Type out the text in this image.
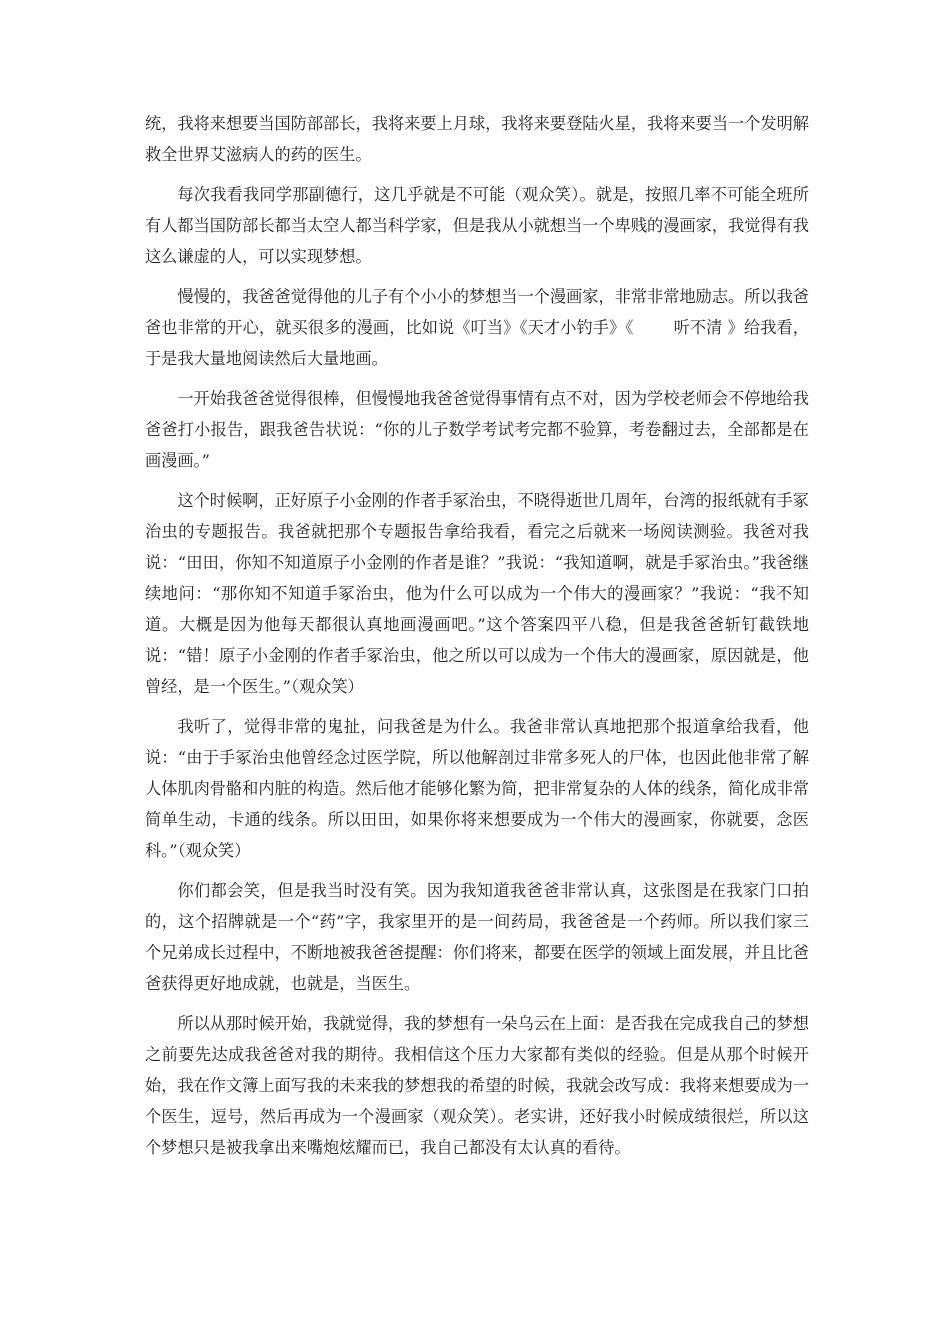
统，我将来想要当国防部部长，我将来要上月球，我将来要登陆火星，我将来要当一个发明解救全世界艾滋病人的药的医生。

每次我看我同学那副德行，这几乎就是不可能（观众笑）。就是，按照几率不可能全班所有人都当国防部长都当太空人都当科学家，但是我从小就想当一个卑贱的漫画家，我觉得有我这么谦虚的人，可以实现梦想。

慢慢的，我爸爸觉得他的儿子有个小小的梦想当一个漫画家，非常非常地励志。所以我爸爸也非常的开心，就买很多的漫画，比如说《叮当》《天才小钓手》《 听不清 》给我看，于是我大量地阅读然后大量地画。

一开始我爸爸觉得很棒，但慢慢地我爸爸觉得事情有点不对，因为学校老师会不停地给我爸爸打小报告，跟我爸告状说：“你的儿子数学考试考完都不验算，考卷翻过去，全部都是在画漫画。”

这个时候啊，正好原子小金刚的作者手冢治虫，不晓得逝世几周年，台湾的报纸就有手冢治虫的专题报告。我爸就把那个专题报告拿给我看，看完之后就来一场阅读测验。我爸对我说：“田田，你知不知道原子小金刚的作者是谁？”我说：“我知道啊，就是手冢治虫。”我爸继续地问：“那你知不知道手冢治虫，他为什么可以成为一个伟大的漫画家？”我说：“我不知道。大概是因为他每天都很认真地画漫画吧。”这个答案四平八稳，但是我爸爸斩钉截铁地说：“错！原子小金刚的作者手冢治虫，他之所以可以成为一个伟大的漫画家，原因就是，他曾经，是一个医生。”（观众笑）

我听了，觉得非常的鬼扯，问我爸是为什么。我爸非常认真地把那个报道拿给我看，他说：“由于手冢治虫他曾经念过医学院，所以他解剖过非常多死人的尸体，也因此他非常了解人体肌肉骨骼和内脏的构造。然后他才能够化繁为简，把非常复杂的人体的线条，简化成非常简单生动，卡通的线条。所以田田，如果你将来想要成为一个伟大的漫画家，你就要，念医科。”（观众笑）

你们都会笑，但是我当时没有笑。因为我知道我爸爸非常认真，这张图是在我家门口拍的，这个招牌就是一个“药”字，我家里开的是一间药局，我爸爸是一个药师。所以我们家三个兄弟成长过程中，不断地被我爸爸提醒：你们将来，都要在医学的领域上面发展，并且比爸爸获得更好地成就，也就是，当医生。

所以从那时候开始，我就觉得，我的梦想有一朵乌云在上面：是否我在完成我自己的梦想之前要先达成我爸爸对我的期待。我相信这个压力大家都有类似的经验。但是从那个时候开始，我在作文簿上面写我的未来我的梦想我的希望的时候，我就会改写成：我将来想要成为一个医生，逗号，然后再成为一个漫画家（观众笑）。老实讲，还好我小时候成绩很烂，所以这个梦想只是被我拿出来嘴炮炫耀而已，我自己都没有太认真的看待。
